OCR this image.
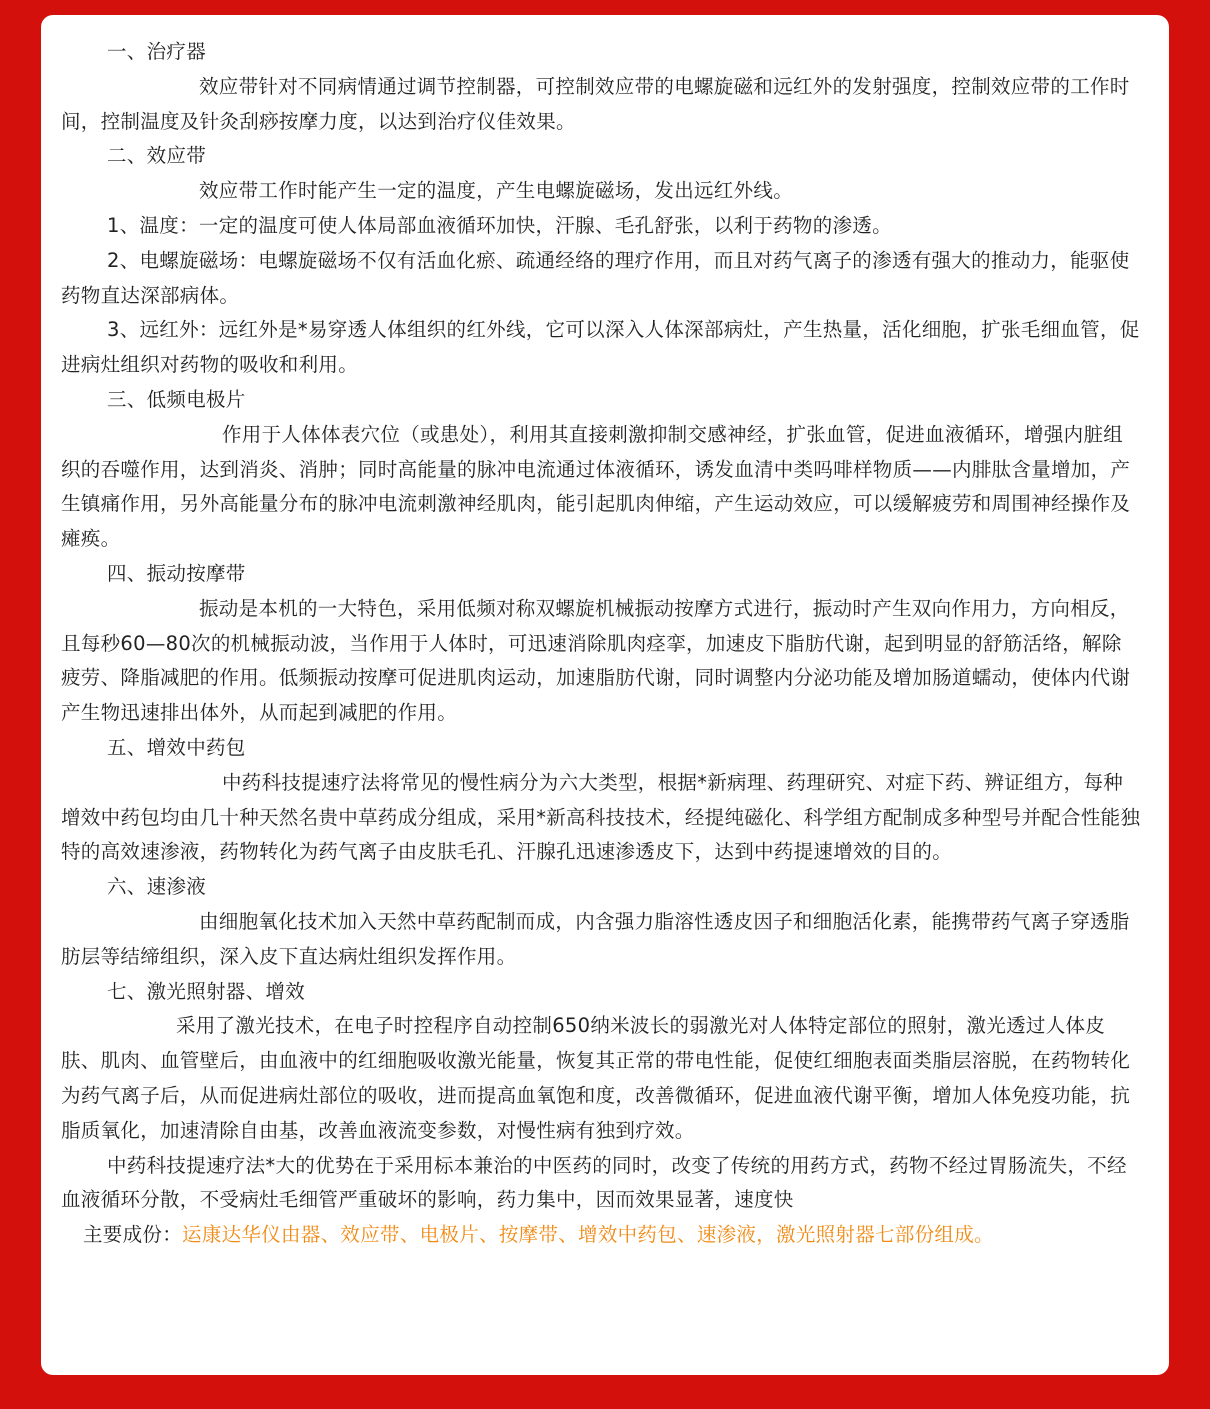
一、治疗器

效应带针对不同病情通过调节控制器，可控制效应带的电螺旋磁和远红外的发射强度，控制效应带的工作时间，控制温度及针灸刮痧按摩力度，以达到治疗仪佳效果。

二、效应带

效应带工作时能产生一定的温度，产生电螺旋磁场，发出远红外线。

1、温度：一定的温度可使人体局部血液循环加快，汗腺、毛孔舒张，以利于药物的渗透。

2、电螺旋磁场：电螺旋磁场不仅有活血化瘀、疏通经络的理疗作用，而且对药气离子的渗透有强大的推动力，能驱使药物直达深部病体。

3、远红外：远红外是*易穿透人体组织的红外线，它可以深入人体深部病灶，产生热量，活化细胞，扩张毛细血管，促进病灶组织对药物的吸收和利用。

三、低频电极片

作用于人体体表穴位（或患处），利用其直接刺激抑制交感神经，扩张血管，促进血液循环，增强内脏组织的吞噬作用，达到消炎、消肿；同时高能量的脉冲电流通过体液循环，诱发血清中类吗啡样物质——内腓肽含量增加，产生镇痛作用，另外高能量分布的脉冲电流刺激神经肌肉，能引起肌肉伸缩，产生运动效应，可以缓解疲劳和周围神经操作及瘫痪。

四、振动按摩带

振动是本机的一大特色，采用低频对称双螺旋机械振动按摩方式进行，振动时产生双向作用力，方向相反，且每秒60—80次的机械振动波，当作用于人体时，可迅速消除肌肉痉挛，加速皮下脂肪代谢，起到明显的舒筋活络，解除疲劳、降脂减肥的作用。低频振动按摩可促进肌肉运动，加速脂肪代谢，同时调整内分泌功能及增加肠道蠕动，使体内代谢产生物迅速排出体外，从而起到减肥的作用。

五、增效中药包

中药科技提速疗法将常见的慢性病分为六大类型，根据*新病理、药理研究、对症下药、辨证组方，每种增效中药包均由几十种天然名贵中草药成分组成，采用*新高科技技术，经提纯磁化、科学组方配制成多种型号并配合性能独特的高效速渗液，药物转化为药气离子由皮肤毛孔、汗腺孔迅速渗透皮下，达到中药提速增效的目的。

六、速渗液

由细胞氧化技术加入天然中草药配制而成，内含强力脂溶性透皮因子和细胞活化素，能携带药气离子穿透脂肪层等结缔组织，深入皮下直达病灶组织发挥作用。

七、激光照射器、增效

采用了激光技术，在电子时控程序自动控制650纳米波长的弱激光对人体特定部位的照射，激光透过人体皮肤、肌肉、血管壁后，由血液中的红细胞吸收激光能量，恢复其正常的带电性能，促使红细胞表面类脂层溶脱，在药物转化为药气离子后，从而促进病灶部位的吸收，进而提高血氧饱和度，改善微循环，促进血液代谢平衡，增加人体免疫功能，抗脂质氧化，加速清除自由基，改善血液流变参数，对慢性病有独到疗效。

中药科技提速疗法*大的优势在于采用标本兼治的中医药的同时，改变了传统的用药方式，药物不经过胃肠流失，不经血液循环分散，不受病灶毛细管严重破坏的影响，药力集中，因而效果显著，速度快

主要成份：运康达华仪由器、效应带、电极片、按摩带、增效中药包、速渗液，激光照射器七部份组成。
